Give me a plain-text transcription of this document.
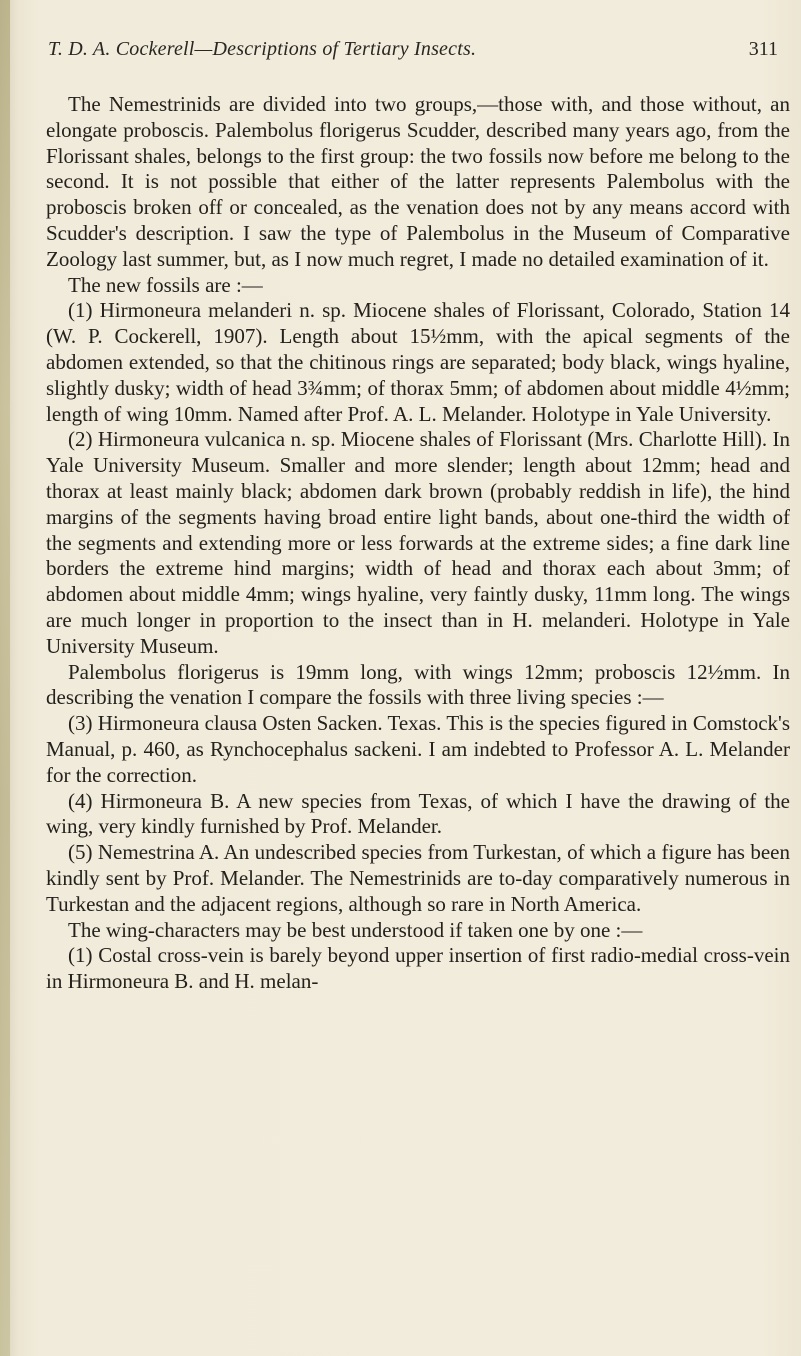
T. D. A. Cockerell—Descriptions of Tertiary Insects.	311

The Nemestrinids are divided into two groups,—those with, and those without, an elongate proboscis. Palembolus florigerus Scudder, described many years ago, from the Florissant shales, belongs to the first group: the two fossils now before me belong to the second. It is not possible that either of the latter represents Palembolus with the proboscis broken off or concealed, as the venation does not by any means accord with Scudder's description. I saw the type of Palembolus in the Museum of Comparative Zoology last summer, but, as I now much regret, I made no detailed examination of it.

The new fossils are :—

(1) Hirmoneura melanderi n. sp. Miocene shales of Florissant, Colorado, Station 14 (W. P. Cockerell, 1907). Length about 15½mm, with the apical segments of the abdomen extended, so that the chitinous rings are separated; body black, wings hyaline, slightly dusky; width of head 3¾mm; of thorax 5mm; of abdomen about middle 4½mm; length of wing 10mm. Named after Prof. A. L. Melander. Holotype in Yale University.

(2) Hirmoneura vulcanica n. sp. Miocene shales of Florissant (Mrs. Charlotte Hill). In Yale University Museum. Smaller and more slender; length about 12mm; head and thorax at least mainly black; abdomen dark brown (probably reddish in life), the hind margins of the segments having broad entire light bands, about one-third the width of the segments and extending more or less forwards at the extreme sides; a fine dark line borders the extreme hind margins; width of head and thorax each about 3mm; of abdomen about middle 4mm; wings hyaline, very faintly dusky, 11mm long. The wings are much longer in proportion to the insect than in H. melanderi. Holotype in Yale University Museum.

Palembolus florigerus is 19mm long, with wings 12mm; proboscis 12½mm. In describing the venation I compare the fossils with three living species :—

(3) Hirmoneura clausa Osten Sacken. Texas. This is the species figured in Comstock's Manual, p. 460, as Rynchocephalus sackeni. I am indebted to Professor A. L. Melander for the correction.

(4) Hirmoneura B. A new species from Texas, of which I have the drawing of the wing, very kindly furnished by Prof. Melander.

(5) Nemestrina A. An undescribed species from Turkestan, of which a figure has been kindly sent by Prof. Melander. The Nemestrinids are to-day comparatively numerous in Turkestan and the adjacent regions, although so rare in North America.

The wing-characters may be best understood if taken one by one :—

(1) Costal cross-vein is barely beyond upper insertion of first radio-medial cross-vein in Hirmoneura B. and H. melan-
